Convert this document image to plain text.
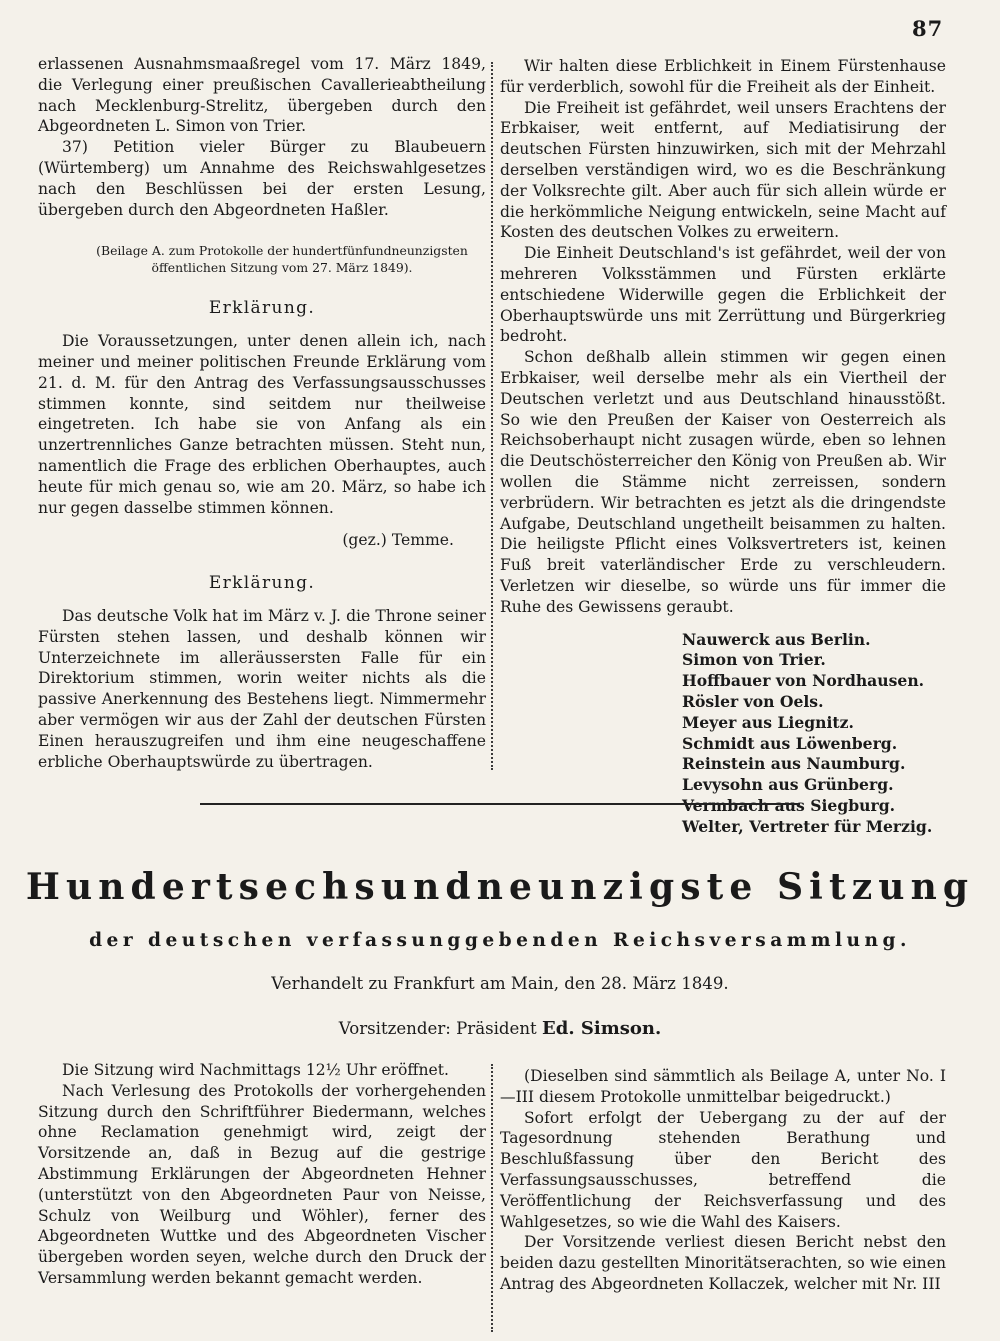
87

erlassenen Ausnahmsmaaßregel vom 17. März 1849, die Verlegung einer preußischen Cavallerieabtheilung nach Mecklenburg-Strelitz, übergeben durch den Abgeordneten L. Simon von Trier.

37) Petition vieler Bürger zu Blaubeuern (Würtemberg) um Annahme des Reichswahlgesetzes nach den Beschlüssen bei der ersten Lesung, übergeben durch den Abgeordneten Haßler.

(Beilage A. zum Protokolle der hundertfünfundneunzigsten öffentlichen Sitzung vom 27. März 1849).
Erklärung.

Die Voraussetzungen, unter denen allein ich, nach meiner und meiner politischen Freunde Erklärung vom 21. d. M. für den Antrag des Verfassungsausschusses stimmen konnte, sind seitdem nur theilweise eingetreten. Ich habe sie von Anfang als ein unzertrennliches Ganze betrachten müssen. Steht nun, namentlich die Frage des erblichen Oberhauptes, auch heute für mich genau so, wie am 20. März, so habe ich nur gegen dasselbe stimmen können.

(gez.) Temme.
Erklärung.

Das deutsche Volk hat im März v. J. die Throne seiner Fürsten stehen lassen, und deshalb können wir Unterzeichnete im alleräussersten Falle für ein Direktorium stimmen, worin weiter nichts als die passive Anerkennung des Bestehens liegt. Nimmermehr aber vermögen wir aus der Zahl der deutschen Fürsten Einen herauszugreifen und ihm eine neugeschaffene erbliche Oberhauptswürde zu übertragen.

Wir halten diese Erblichkeit in Einem Fürstenhause für verderblich, sowohl für die Freiheit als der Einheit.

Die Freiheit ist gefährdet, weil unsers Erachtens der Erbkaiser, weit entfernt, auf Mediatisirung der deutschen Fürsten hinzuwirken, sich mit der Mehrzahl derselben verständigen wird, wo es die Beschränkung der Volksrechte gilt. Aber auch für sich allein würde er die herkömmliche Neigung entwickeln, seine Macht auf Kosten des deutschen Volkes zu erweitern.

Die Einheit Deutschland's ist gefährdet, weil der von mehreren Volksstämmen und Fürsten erklärte entschiedene Widerwille gegen die Erblichkeit der Oberhauptswürde uns mit Zerrüttung und Bürgerkrieg bedroht.

Schon deßhalb allein stimmen wir gegen einen Erbkaiser, weil derselbe mehr als ein Viertheil der Deutschen verletzt und aus Deutschland hinausstößt. So wie den Preußen der Kaiser von Oesterreich als Reichsoberhaupt nicht zusagen würde, eben so lehnen die Deutschösterreicher den König von Preußen ab. Wir wollen die Stämme nicht zerreissen, sondern verbrüdern. Wir betrachten es jetzt als die dringendste Aufgabe, Deutschland ungetheilt beisammen zu halten. Die heiligste Pflicht eines Volksvertreters ist, keinen Fuß breit vaterländischer Erde zu verschleudern. Verletzen wir dieselbe, so würde uns für immer die Ruhe des Gewissens geraubt.

Nauwerck aus Berlin.
Simon von Trier.
Hoffbauer von Nordhausen.
Rösler von Oels.
Meyer aus Liegnitz.
Schmidt aus Löwenberg.
Reinstein aus Naumburg.
Levysohn aus Grünberg.
Vermbach aus Siegburg.
Welter, Vertreter für Merzig.
Hundertsechsundneunzigste Sitzung
der deutschen verfassunggebenden Reichsversammlung.
Verhandelt zu Frankfurt am Main, den 28. März 1849.
Vorsitzender: Präsident Ed. Simson.

Die Sitzung wird Nachmittags 12½ Uhr eröffnet.

Nach Verlesung des Protokolls der vorhergehenden Sitzung durch den Schriftführer Biedermann, welches ohne Reclamation genehmigt wird, zeigt der Vorsitzende an, daß in Bezug auf die gestrige Abstimmung Erklärungen der Abgeordneten Hehner (unterstützt von den Abgeordneten Paur von Neisse, Schulz von Weilburg und Wöhler), ferner des Abgeordneten Wuttke und des Abgeordneten Vischer übergeben worden seyen, welche durch den Druck der Versammlung werden bekannt gemacht werden.

(Dieselben sind sämmtlich als Beilage A, unter No. I—III diesem Protokolle unmittelbar beigedruckt.)

Sofort erfolgt der Uebergang zu der auf der Tagesordnung stehenden Berathung und Beschlußfassung über den Bericht des Verfassungsausschusses, betreffend die Veröffentlichung der Reichsverfassung und des Wahlgesetzes, so wie die Wahl des Kaisers.

Der Vorsitzende verliest diesen Bericht nebst den beiden dazu gestellten Minoritätserachten, so wie einen Antrag des Abgeordneten Kollaczek, welcher mit Nr. III
